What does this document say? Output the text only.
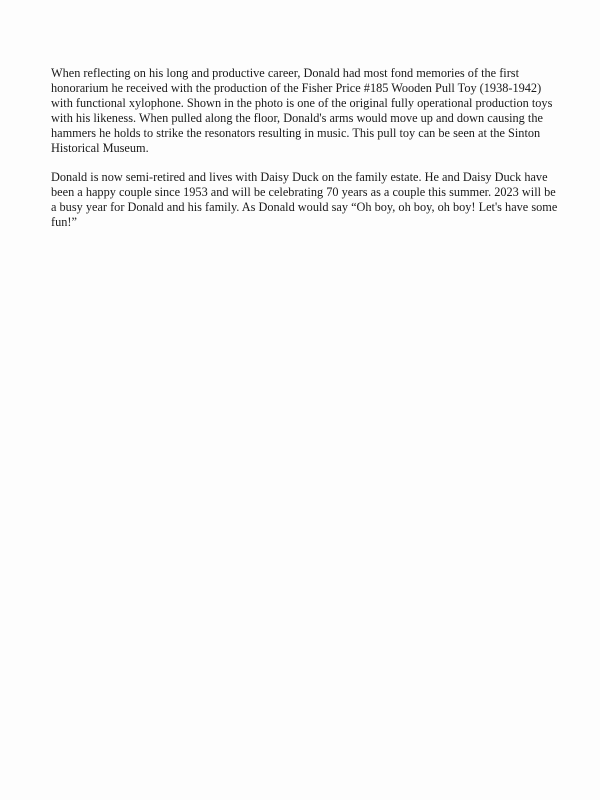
When reflecting on his long and productive career, Donald had most fond memories of the first
honorarium he received with the production of the Fisher Price #185 Wooden Pull Toy (1938-1942)
with functional xylophone. Shown in the photo is one of the original fully operational production toys
with his likeness. When pulled along the floor, Donald's arms would move up and down causing the
hammers he holds to strike the resonators resulting in music. This pull toy can be seen at the Sinton
Historical Museum.
Donald is now semi-retired and lives with Daisy Duck on the family estate. He and Daisy Duck have
been a happy couple since 1953 and will be celebrating 70 years as a couple this summer. 2023 will be
a busy year for Donald and his family. As Donald would say “Oh boy, oh boy, oh boy! Let's have some
fun!”
